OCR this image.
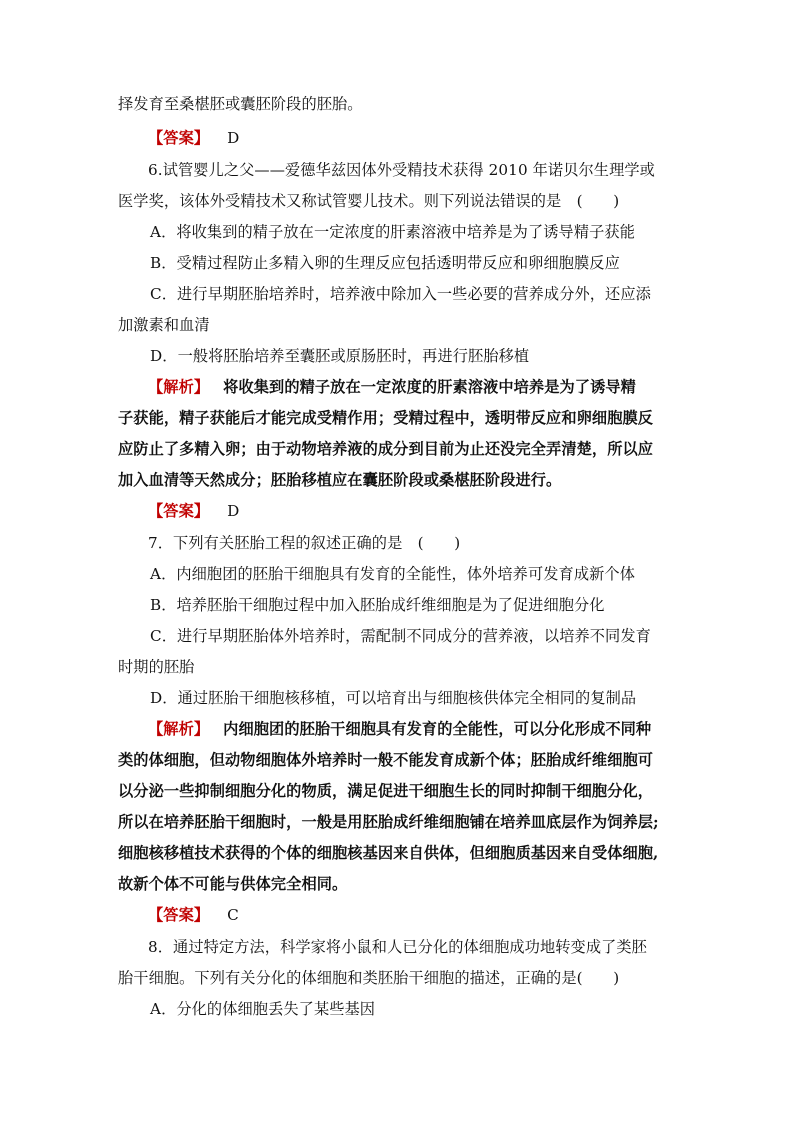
择发育至桑椹胚或囊胚阶段的胚胎。
【 答案 】 D
6.试管婴儿之父——爱德华兹因体外受精技术获得 2010 年诺贝尔生理学或
医学奖，该体外受精技术又称试管婴儿技术。则下列说法错误的是　(　　)
A．将收集到的精子放在一定浓度的肝素溶液中培养是为了诱导精子获能
B．受精过程防止多精入卵的生理反应包括透明带反应和卵细胞膜反应
C．进行早期胚胎培养时，培养液中除加入一些必要的营养成分外，还应添
加激素和血清
D．一般将胚胎培养至囊胚或原肠胚时，再进行胚胎移植
【 解析 】 将收集到的精子放在一定浓度的肝素溶液中培养是为了诱导精
子获能，精子获能后才能完成受精作用；受精过程中，透明带反应和卵细胞膜反
应防止了多精入卵；由于动物培养液的成分到目前为止还没完全弄清楚，所以应
加入血清等天然成分；胚胎移植应在囊胚阶段或桑椹胚阶段进行。
【 答案 】 D
7．下列有关胚胎工程的叙述正确的是　(　　)
A．内细胞团的胚胎干细胞具有发育的全能性，体外培养可发育成新个体
B．培养胚胎干细胞过程中加入胚胎成纤维细胞是为了促进细胞分化
C．进行早期胚胎体外培养时，需配制不同成分的营养液，以培养不同发育
时期的胚胎
D．通过胚胎干细胞核移植，可以培育出与细胞核供体完全相同的复制品
【 解析 】 内细胞团的胚胎干细胞具有发育的全能性，可以分化形成不同种
类的体细胞，但动物细胞体外培养时一般不能发育成新个体；胚胎成纤维细胞可
以分泌一些抑制细胞分化的物质，满足促进干细胞生长的同时抑制干细胞分化，
所以在培养胚胎干细胞时，一般是用胚胎成纤维细胞铺在培养皿底层作为饲养层;
细胞核移植技术获得的个体的细胞核基因来自供体，但细胞质基因来自受体细胞,
故新个体不可能与供体完全相同。
【 答案 】 C
8．通过特定方法，科学家将小鼠和人已分化的体细胞成功地转变成了类胚
胎干细胞。下列有关分化的体细胞和类胚胎干细胞的描述，正确的是(　　)
A．分化的体细胞丢失了某些基因
